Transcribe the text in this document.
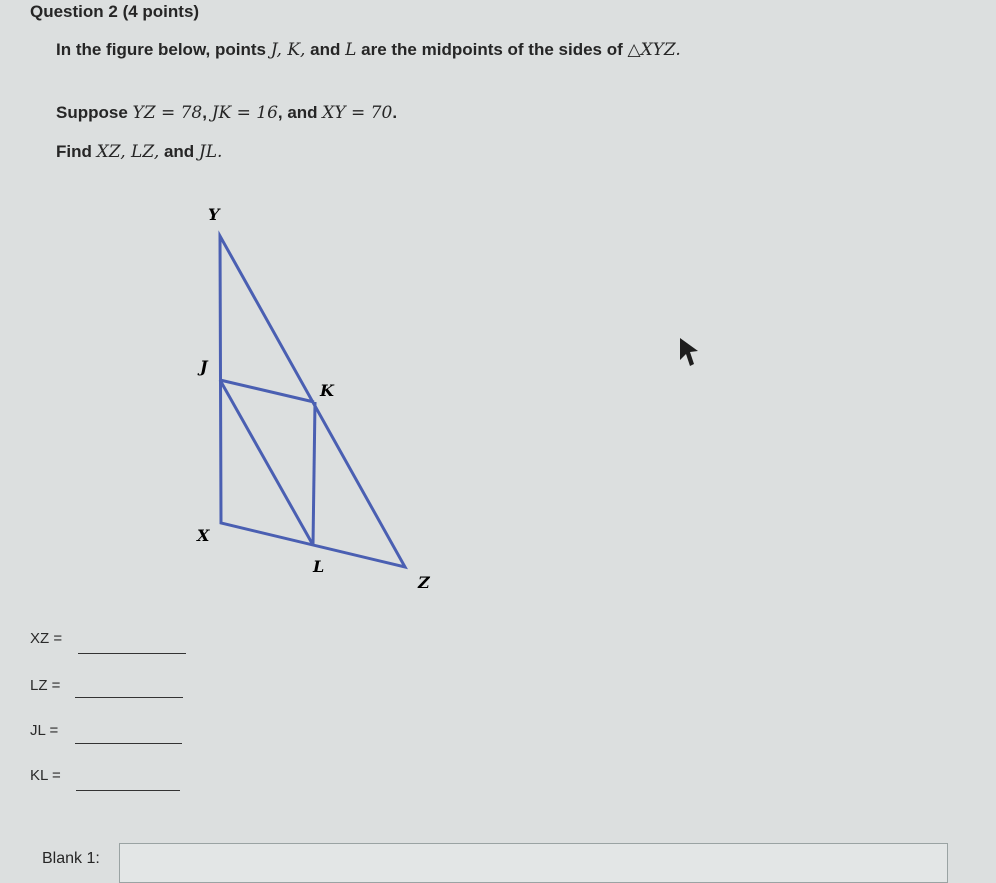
Question 2 (4 points)
In the figure below, points J, K, and L are the midpoints of the sides of △XYZ.
Suppose YZ = 78, JK = 16, and XY = 70.
Find XZ, LZ, and JL.
Y
J
K
X
L
Z
XZ =
LZ =
JL =
KL =
Blank 1:
